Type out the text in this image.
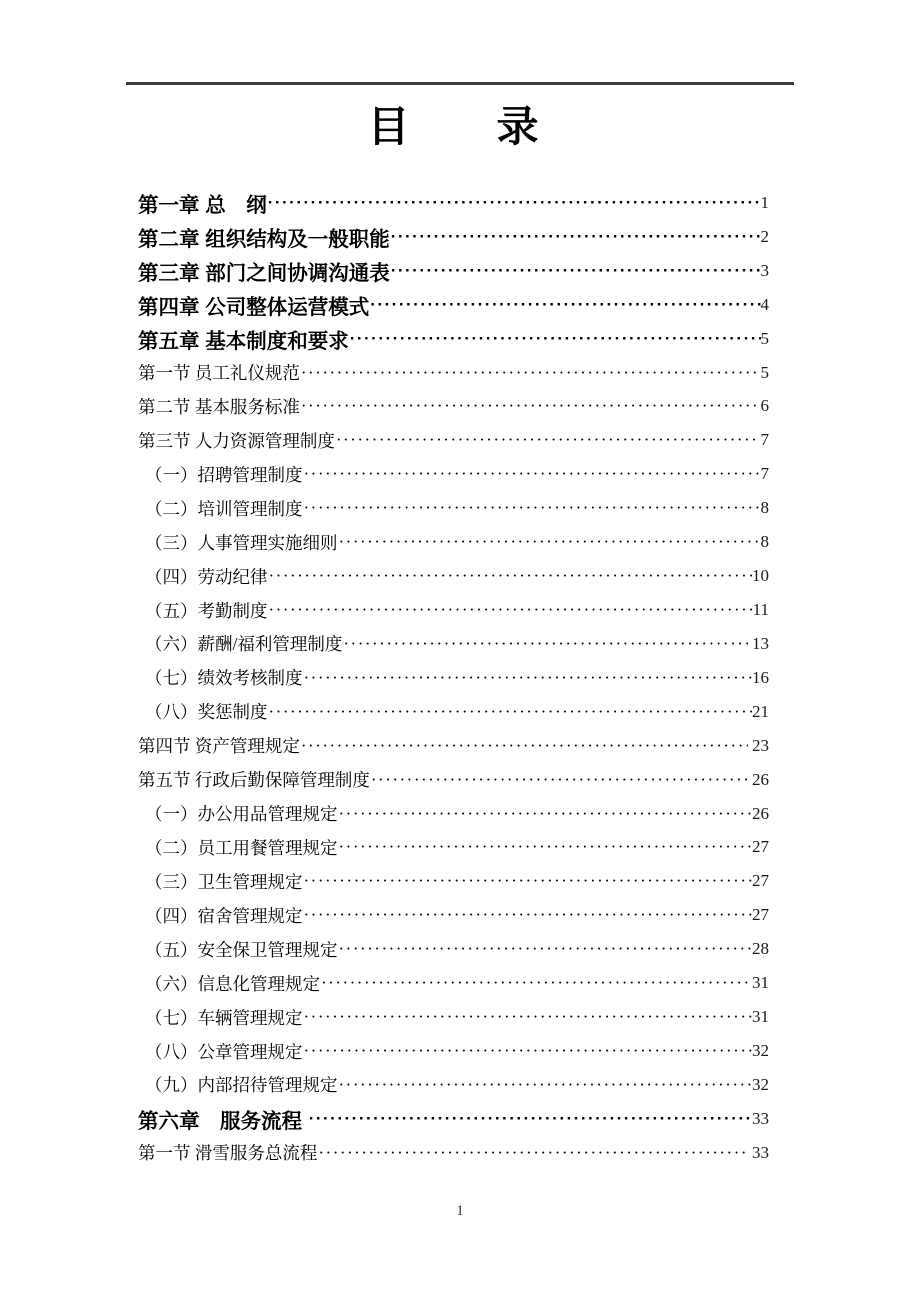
目　　录
第一章 总　纲 ·····	1
第二章 组织结构及一般职能 ·····	2
第三章 部门之间协调沟通表 ·····	3
第四章 公司整体运营模式 ·····	4
第五章 基本制度和要求 ·····	5
第一节 员工礼仪规范 ·····	5
第二节 基本服务标准 ·····	6
第三节 人力资源管理制度 ·····	7
（一）招聘管理制度 ·····	7
（二）培训管理制度 ·····	8
（三）人事管理实施细则 ·····	8
（四）劳动纪律 ·····	10
（五）考勤制度 ·····	11
（六）薪酬/福利管理制度 ·····	13
（七）绩效考核制度 ·····	16
（八）奖惩制度 ·····	21
第四节 资产管理规定 ·····	23
第五节 行政后勤保障管理制度 ·····	26
（一）办公用品管理规定 ·····	26
（二）员工用餐管理规定 ·····	27
（三）卫生管理规定 ·····	27
（四）宿舍管理规定 ·····	27
（五）安全保卫管理规定 ·····	28
（六）信息化管理规定 ·····	31
（七）车辆管理规定 ·····	31
（八）公章管理规定 ·····	32
（九）内部招待管理规定 ·····	32
第六章　服务流程 ·····	33
第一节 滑雪服务总流程 ·····	33
1
